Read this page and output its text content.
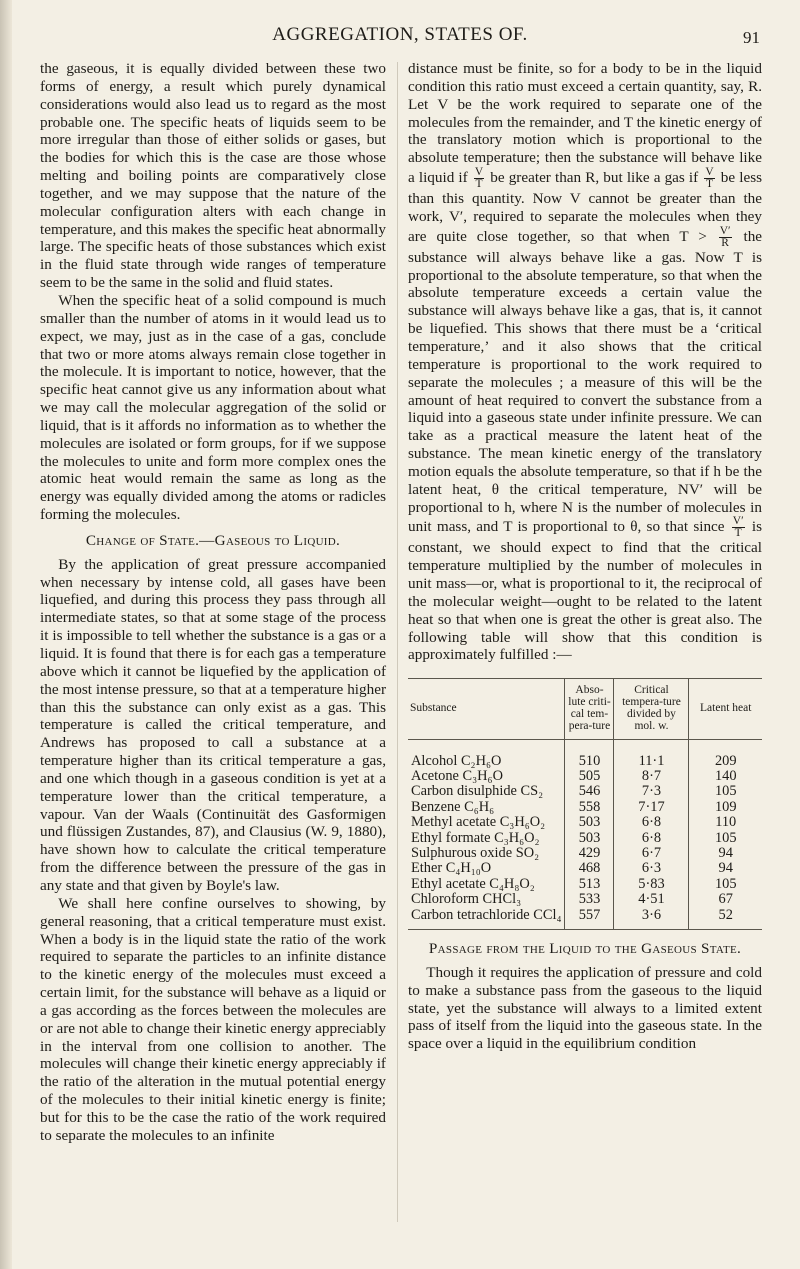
AGGREGATION, STATES OF.	91

the gaseous, it is equally divided between these two forms of energy, a result which purely dynamical considerations would also lead us to regard as the most probable one. The specific heats of liquids seem to be more irregular than those of either solids or gases, but the bodies for which this is the case are those whose melting and boiling points are comparatively close together, and we may suppose that the nature of the molecular configuration alters with each change in temperature, and this makes the specific heat abnormally large. The specific heats of those substances which exist in the fluid state through wide ranges of temperature seem to be the same in the solid and fluid states.

When the specific heat of a solid compound is much smaller than the number of atoms in it would lead us to expect, we may, just as in the case of a gas, conclude that two or more atoms always remain close together in the molecule. It is important to notice, however, that the specific heat cannot give us any information about what we may call the molecular aggregation of the solid or liquid, that is it affords no information as to whether the molecules are isolated or form groups, for if we suppose the molecules to unite and form more complex ones the atomic heat would remain the same as long as the energy was equally divided among the atoms or radicles forming the molecules.

Change of State.—Gaseous to Liquid.

By the application of great pressure accompanied when necessary by intense cold, all gases have been liquefied, and during this process they pass through all intermediate states, so that at some stage of the process it is impossible to tell whether the substance is a gas or a liquid. It is found that there is for each gas a temperature above which it cannot be liquefied by the application of the most intense pressure, so that at a temperature higher than this the substance can only exist as a gas. This temperature is called the critical temperature, and Andrews has proposed to call a substance at a temperature higher than its critical temperature a gas, and one which though in a gaseous condition is yet at a temperature lower than the critical temperature, a vapour. Van der Waals (Continuität des Gasformigen und flüssigen Zustandes, 87), and Clausius (W. 9, 1880), have shown how to calculate the critical temperature from the difference between the pressure of the gas in any state and that given by Boyle's law.

We shall here confine ourselves to showing, by general reasoning, that a critical temperature must exist. When a body is in the liquid state the ratio of the work required to separate the particles to an infinite distance to the kinetic energy of the molecules must exceed a certain limit, for the substance will behave as a liquid or a gas according as the forces between the molecules are or are not able to change their kinetic energy appreciably in the interval from one collision to another. The molecules will change their kinetic energy appreciably if the ratio of the alteration in the mutual potential energy of the molecules to their initial kinetic energy is finite; but for this to be the case the ratio of the work required to separate the molecules to an infinite

distance must be finite, so for a body to be in the liquid condition this ratio must exceed a certain quantity, say, R. Let V be the work required to separate one of the molecules from the remainder, and T the kinetic energy of the translatory motion which is proportional to the absolute temperature; then the substance will behave like a liquid if $\frac{V}{T}$ be greater than R, but like a gas if $\frac{V}{T}$ be less than this quantity. Now V cannot be greater than the work, V′, required to separate the molecules when they are quite close together, so that when $T > \frac{V'}{R}$ the substance will always behave like a gas. Now T is proportional to the absolute temperature, so that when the absolute temperature exceeds a certain value the substance will always behave like a gas, that is, it cannot be liquefied. This shows that there must be a ‘critical temperature,’ and it also shows that the critical temperature is proportional to the work required to separate the molecules ; a measure of this will be the amount of heat required to convert the substance from a liquid into a gaseous state under infinite pressure. We can take as a practical measure the latent heat of the substance. The mean kinetic energy of the translatory motion equals the absolute temperature, so that if h be the latent heat, θ the critical temperature, NV′ will be proportional to h, where N is the number of molecules in unit mass, and T is proportional to θ, so that since $\frac{V'}{T}$ is constant, we should expect to find that the critical temperature multiplied by the number of molecules in unit mass—or, what is proportional to it, the reciprocal of the molecular weight—ought to be related to the latent heat so that when one is great the other is great also. The following table will show that this condition is approximately fulfilled :—

Substance	Abso-lute criti-cal tem-pera-ture	Critical tempera-ture divided by mol. w.	Latent heat
Alcohol C₂H₆O	510	11·1	209
Acetone C₃H₆O	505	8·7	140
Carbon disulphide CS₂	546	7·3	105
Benzene C₆H₆	558	7·17	109
Methyl acetate C₃H₆O₂	503	6·8	110
Ethyl formate C₃H₆O₂	503	6·8	105
Sulphurous oxide SO₂	429	6·7	94
Ether C₄H₁₀O	468	6·3	94
Ethyl acetate C₄H₈O₂	513	5·83	105
Chloroform CHCl₃	533	4·51	67
Carbon tetrachloride CCl₄	557	3·6	52
Passage from the Liquid to the Gaseous State.

Though it requires the application of pressure and cold to make a substance pass from the gaseous to the liquid state, yet the substance will always to a limited extent pass of itself from the liquid into the gaseous state. In the space over a liquid in the equilibrium condition
